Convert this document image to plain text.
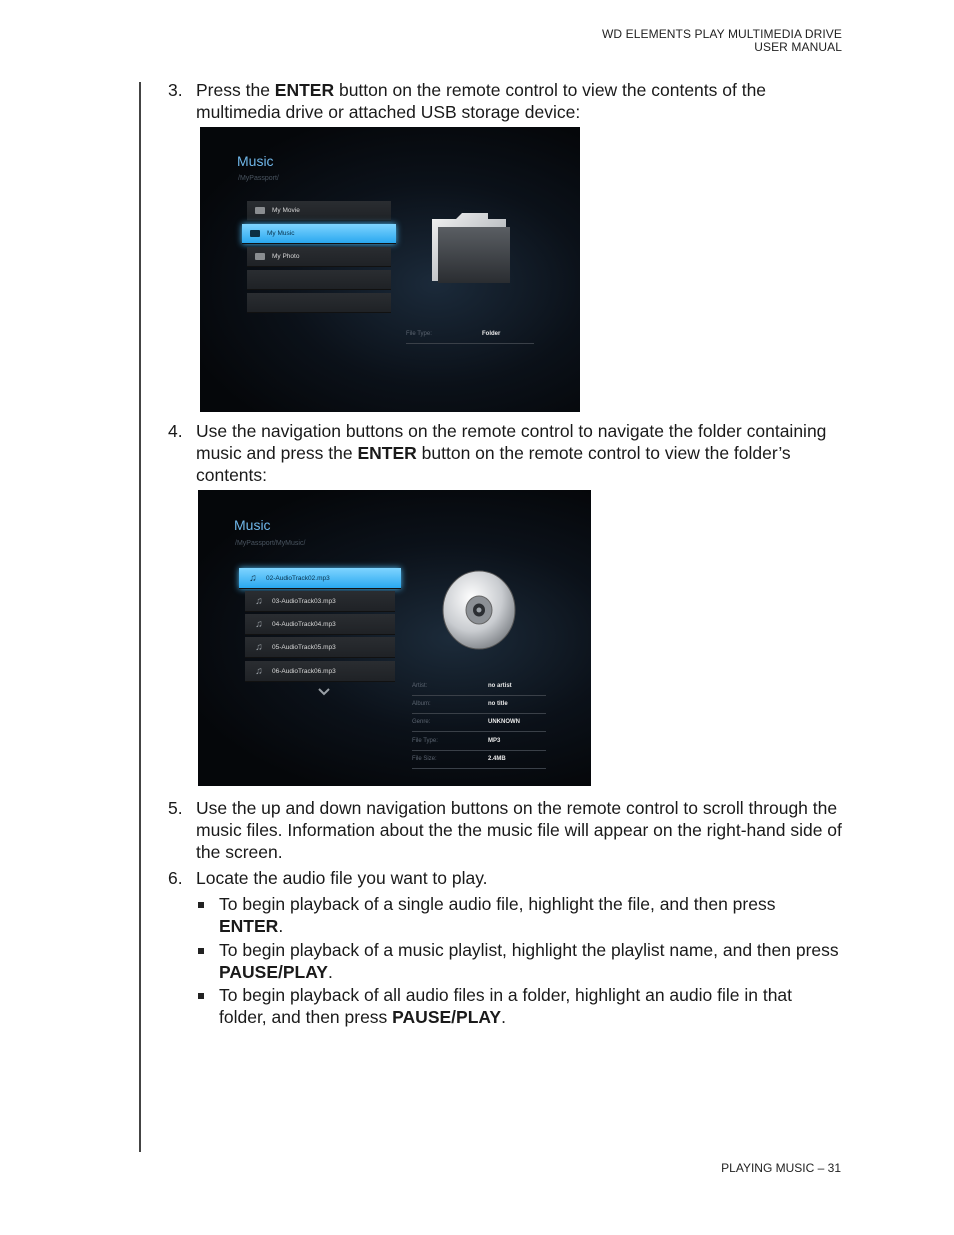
WD ELEMENTS PLAY MULTIMEDIA DRIVE
USER MANUAL
3. Press the ENTER button on the remote control to view the contents of the multimedia drive or attached USB storage device:
Music
/MyPassport/
My Movie
My Music
My Photo
File Type:	Folder
4. Use the navigation buttons on the remote control to navigate the folder containing music and press the ENTER button on the remote control to view the folder’s contents:
Music
/MyPassport/MyMusic/
♫	02-AudioTrack02.mp3
♫	03-AudioTrack03.mp3
♫	04-AudioTrack04.mp3
♫	05-AudioTrack05.mp3
♫	06-AudioTrack06.mp3
Artist:	no artist
Album:	no title
Genre:	UNKNOWN
File Type:	MP3
File Size:	2.4MB
5. Use the up and down navigation buttons on the remote control to scroll through the music files. Information about the the music file will appear on the right-hand side of the screen.
6. Locate the audio file you want to play.
To begin playback of a single audio file, highlight the file, and then press ENTER.
To begin playback of a music playlist, highlight the playlist name, and then press PAUSE/PLAY.
To begin playback of all audio files in a folder, highlight an audio file in that folder, and then press PAUSE/PLAY.
PLAYING MUSIC – 31
